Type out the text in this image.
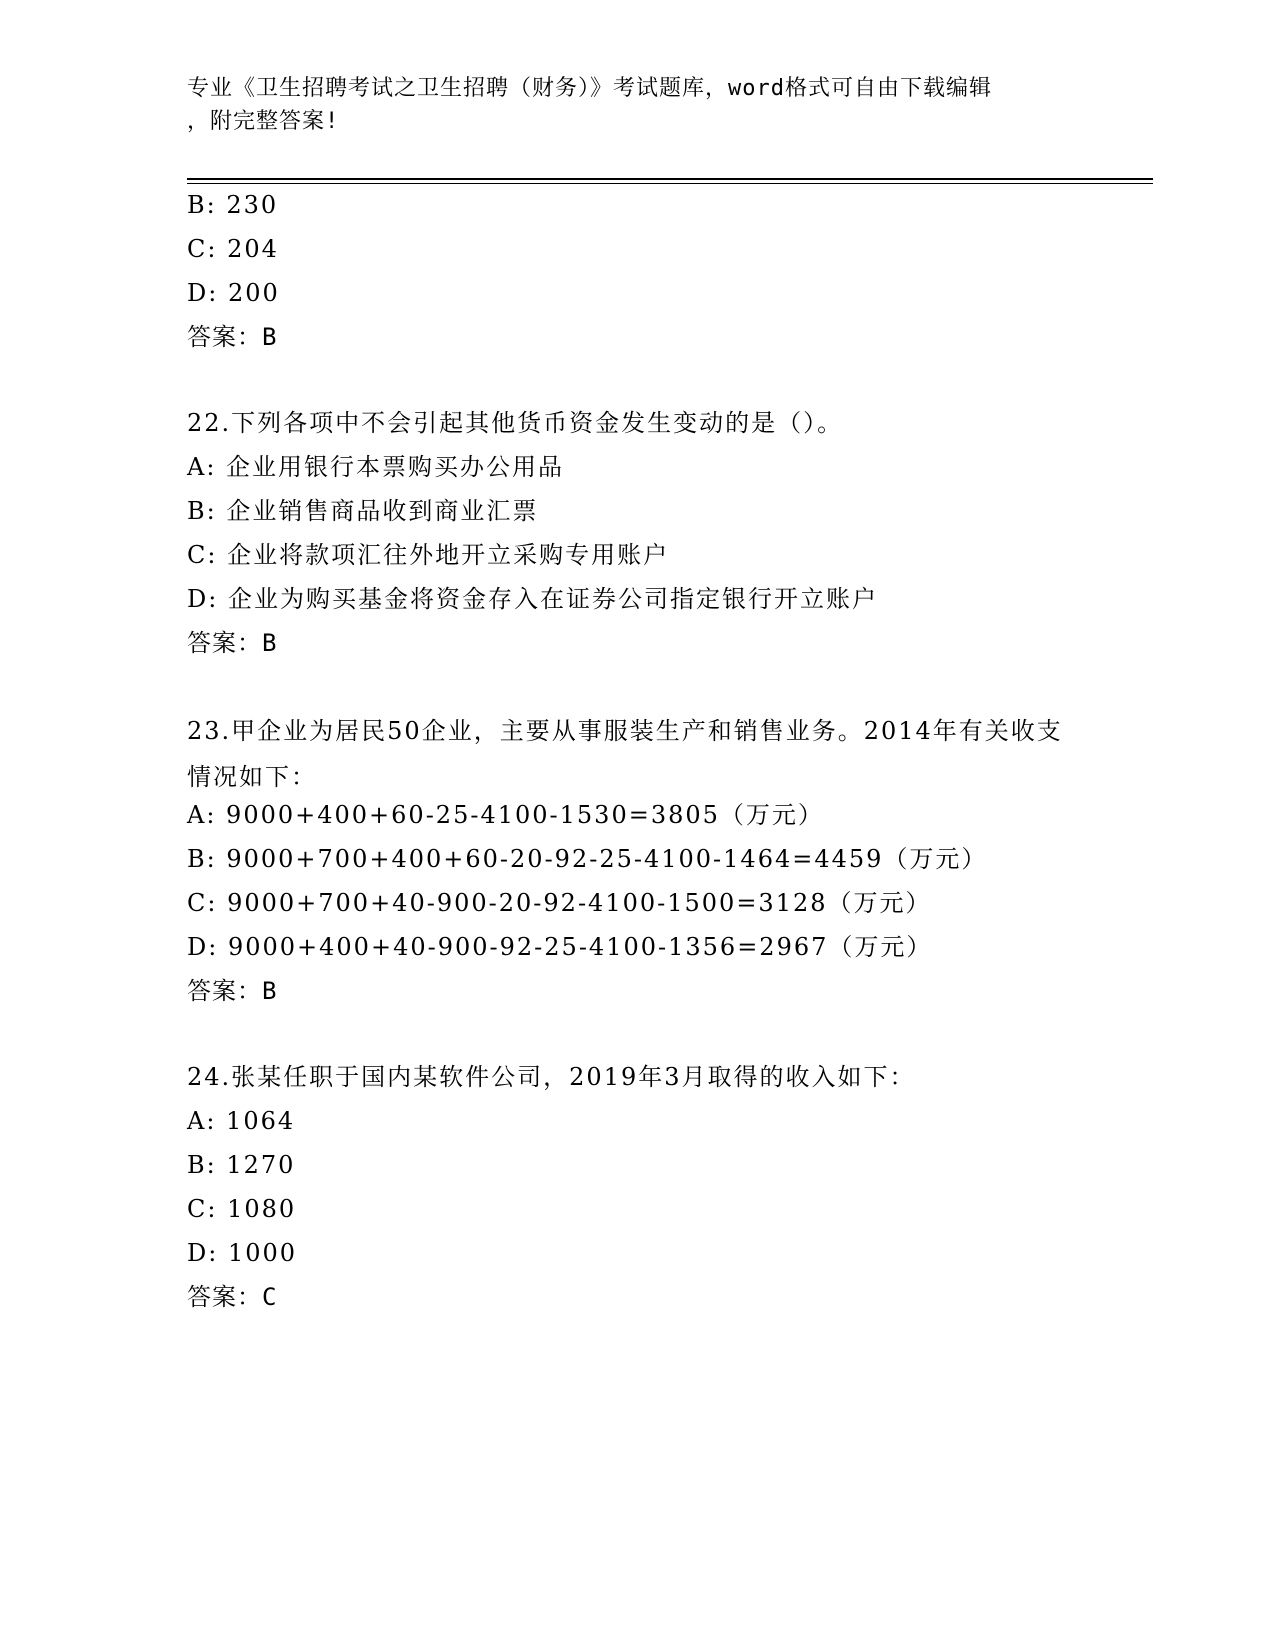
专业《卫生招聘考试之卫生招聘（财务）》考试题库，word格式可自由下载编辑
，附完整答案!
B: 230
C: 204
D: 200
答案：B
22.下列各项中不会引起其他货币资金发生变动的是（）。
A: 企业用银行本票购买办公用品
B: 企业销售商品收到商业汇票
C: 企业将款项汇往外地开立采购专用账户
D: 企业为购买基金将资金存入在证券公司指定银行开立账户
答案：B
23.甲企业为居民50企业，主要从事服装生产和销售业务。2014年有关收支情况如下：
A: 9000+400+60-25-4100-1530=3805（万元）
B: 9000+700+400+60-20-92-25-4100-1464=4459（万元）
C: 9000+700+40-900-20-92-4100-1500=3128（万元）
D: 9000+400+40-900-92-25-4100-1356=2967（万元）
答案：B
24.张某任职于国内某软件公司，2019年3月取得的收入如下：
A: 1064
B: 1270
C: 1080
D: 1000
答案：C
